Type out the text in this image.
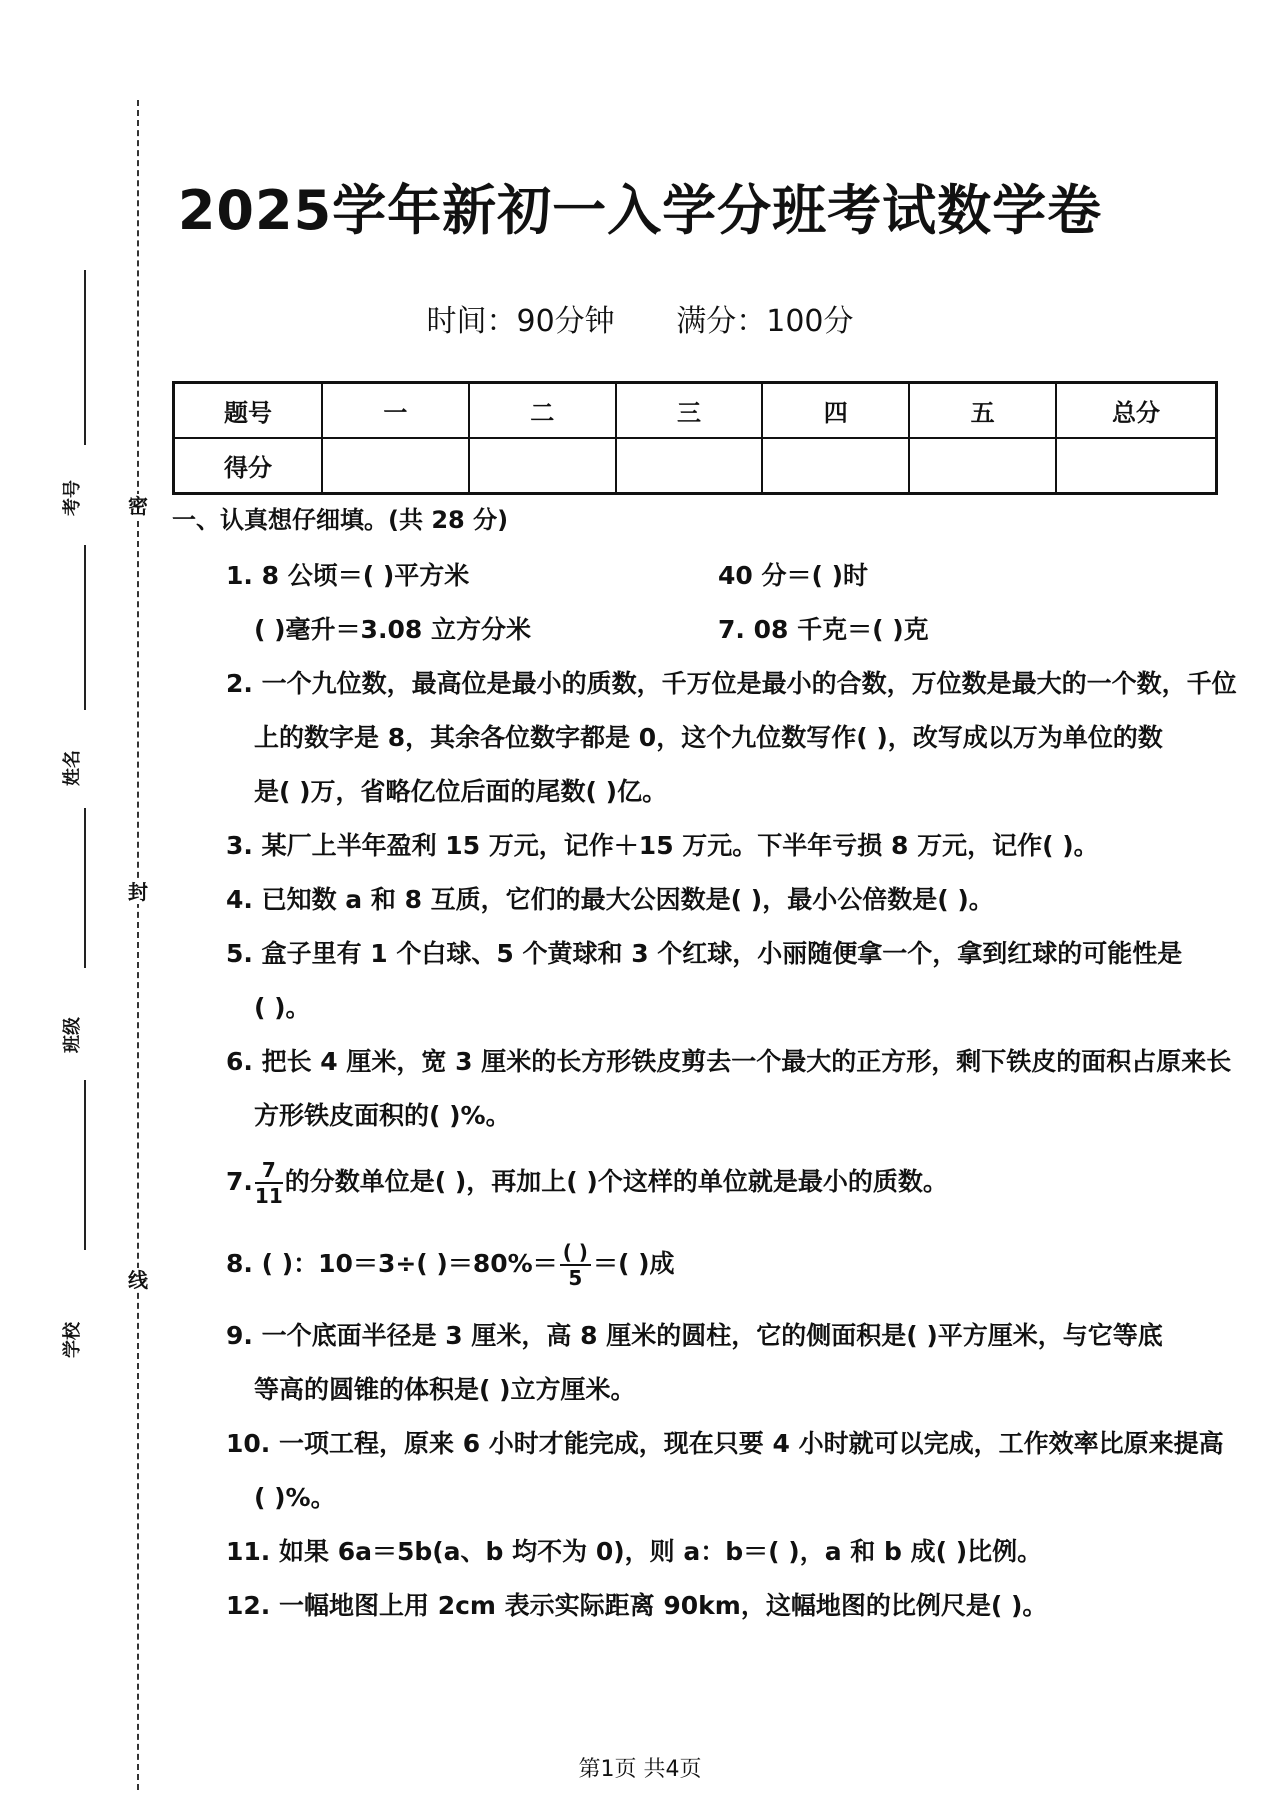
密
封
线
考号
姓名
班级
学校
2025学年新初一入学分班考试数学卷
时间：90分钟 满分：100分
题号	一	二	三	四	五	总分
得分						
一、认真想仔细填。(共 28 分)
1. 8 公顷＝( )平方米	40 分＝( )时
( )毫升＝3.08 立方分米	7. 08 千克＝( )克
2. 一个九位数，最高位是最小的质数，千万位是最小的合数，万位数是最大的一个数，千位
上的数字是 8，其余各位数字都是 0，这个九位数写作( )，改写成以万为单位的数
是( )万，省略亿位后面的尾数( )亿。
3. 某厂上半年盈利 15 万元，记作＋15 万元。下半年亏损 8 万元，记作( )。
4. 已知数 a 和 8 互质，它们的最大公因数是( )，最小公倍数是( )。
5. 盒子里有 1 个白球、5 个黄球和 3 个红球，小丽随便拿一个，拿到红球的可能性是
( )。
6. 把长 4 厘米，宽 3 厘米的长方形铁皮剪去一个最大的正方形，剩下铁皮的面积占原来长
方形铁皮面积的( )%。
7. $\frac{7}{11}$ 的分数单位是( )，再加上( )个这样的单位就是最小的质数。
8. ( )：10＝3÷( )$=80\%= \frac{( )}{5}$ ＝( )成
9. 一个底面半径是 3 厘米，高 8 厘米的圆柱，它的侧面积是( )平方厘米，与它等底
等高的圆锥的体积是( )立方厘米。
10. 一项工程，原来 6 小时才能完成，现在只要 4 小时就可以完成，工作效率比原来提高
( )%。
11. 如果 6a＝5b(a、b 均不为 0)，则 a：b＝( )，a 和 b 成( )比例。
12. 一幅地图上用 2cm 表示实际距离 90km，这幅地图的比例尺是( )。
第1页 共4页
